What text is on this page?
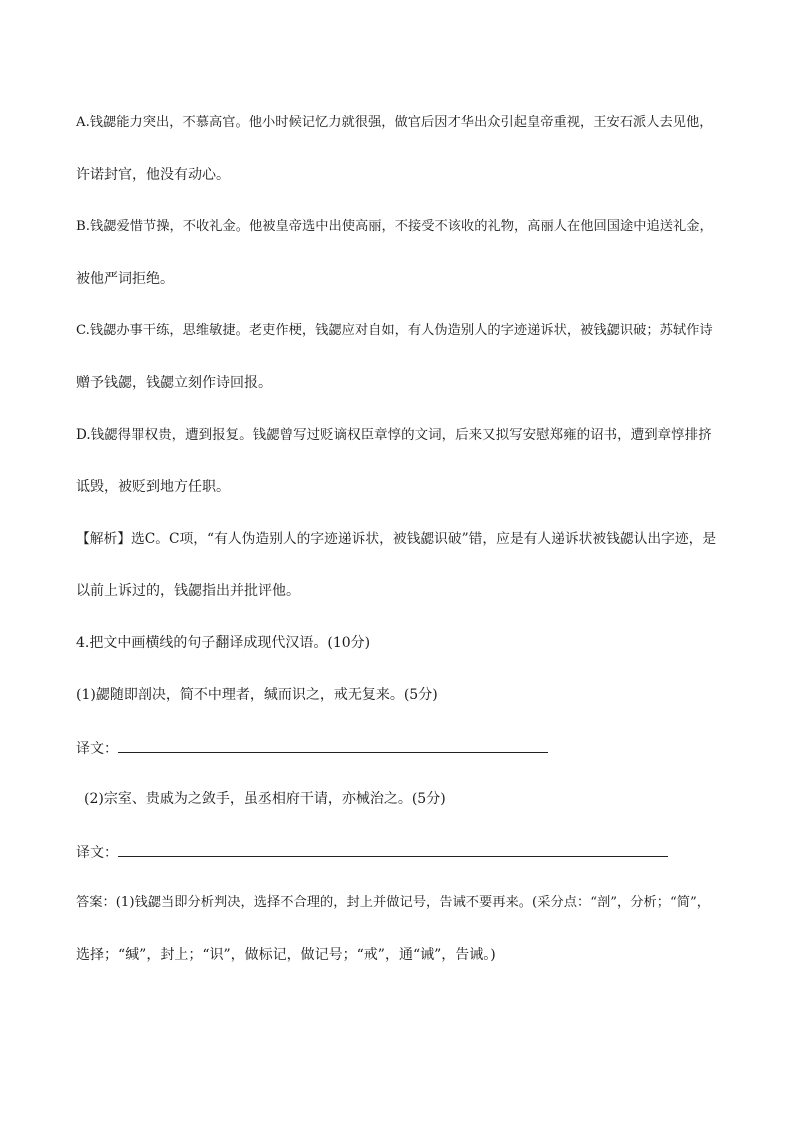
A.钱勰能力突出，不慕高官。他小时候记忆力就很强，做官后因才华出众引起皇帝重视，王安石派人去见他，
许诺封官，他没有动心。
B.钱勰爱惜节操，不收礼金。他被皇帝选中出使高丽，不接受不该收的礼物，高丽人在他回国途中追送礼金，
被他严词拒绝。
C.钱勰办事干练，思维敏捷。老吏作梗，钱勰应对自如，有人伪造别人的字迹递诉状，被钱勰识破；苏轼作诗
赠予钱勰，钱勰立刻作诗回报。
D.钱勰得罪权贵，遭到报复。钱勰曾写过贬谪权臣章惇的文词，后来又拟写安慰郑雍的诏书，遭到章惇排挤
诋毁，被贬到地方任职。
【解析】选C。C项，“有人伪造别人的字迹递诉状，被钱勰识破”错，应是有人递诉状被钱勰认出字迹，是
以前上诉过的，钱勰指出并批评他。
4.把文中画横线的句子翻译成现代汉语。(10分)
(1)勰随即剖决，简不中理者，缄而识之，戒无复来。(5分)
译文：
(2)宗室、贵戚为之敛手，虽丞相府干请，亦械治之。(5分)
译文：
答案：(1)钱勰当即分析判决，选择不合理的，封上并做记号，告诫不要再来。(采分点：“剖”，分析；“简”，
选择；“缄”，封上；“识”，做标记，做记号；“戒”，通“诫”，告诫。)
